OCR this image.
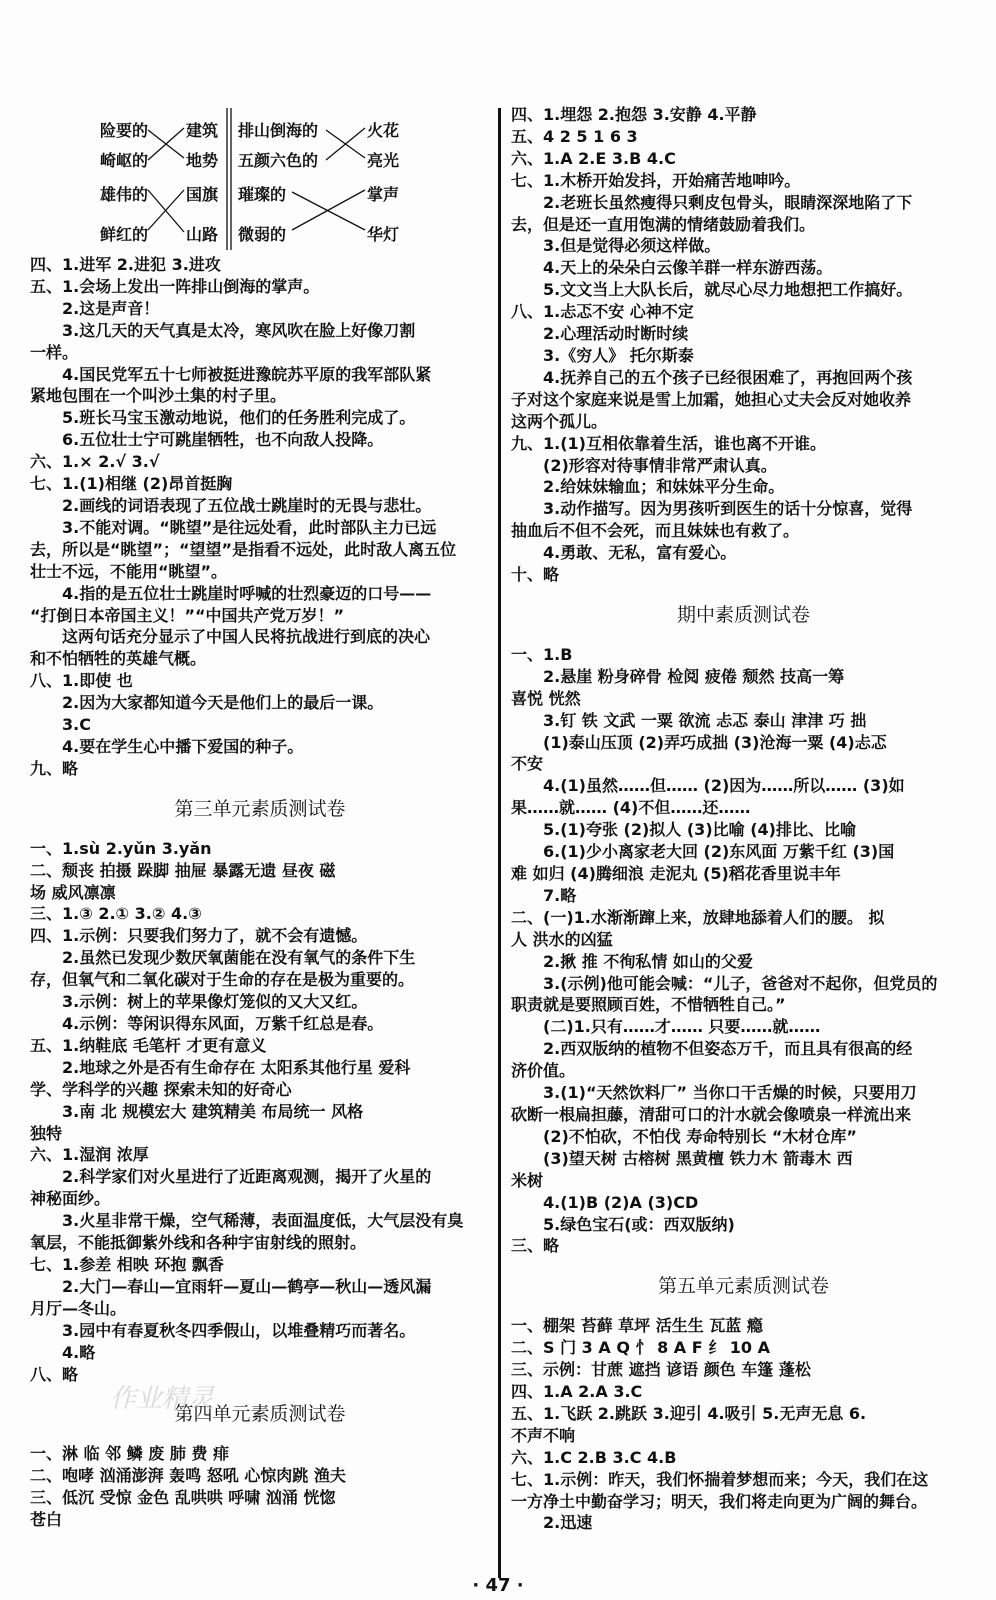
险要的
崎岖的
雄伟的
鲜红的
建筑
地势
国旗
山路
排山倒海的
五颜六色的
璀璨的
微弱的
火花
亮光
掌声
华灯
四、1.进军 2.进犯 3.进攻
五、1.会场上发出一阵排山倒海的掌声。
2.这是声音！
3.这几天的天气真是太冷，寒风吹在脸上好像刀割
一样。
4.国民党军五十七师被挺进豫皖苏平原的我军部队紧
紧地包围在一个叫沙土集的村子里。
5.班长马宝玉激动地说，他们的任务胜利完成了。
6.五位壮士宁可跳崖牺牲，也不向敌人投降。
六、1.× 2.√ 3.√
七、1.(1)相继 (2)昂首挺胸
2.画线的词语表现了五位战士跳崖时的无畏与悲壮。
3.不能对调。“眺望”是往远处看，此时部队主力已远
去，所以是“眺望”；“望望”是指看不远处，此时敌人离五位
壮士不远，不能用“眺望”。
4.指的是五位壮士跳崖时呼喊的壮烈豪迈的口号——
“打倒日本帝国主义！”“中国共产党万岁！”
这两句话充分显示了中国人民将抗战进行到底的决心
和不怕牺牲的英雄气概。
八、1.即使 也
2.因为大家都知道今天是他们上的最后一课。
3.C
4.要在学生心中播下爱国的种子。
九、略
第三单元素质测试卷
一、1.sù 2.yǔn 3.yǎn
二、颓丧 拍摄 跺脚 抽屉 暴露无遗 昼夜 磁
场 威风凛凛
三、1.③ 2.① 3.② 4.③
四、1.示例：只要我们努力了，就不会有遗憾。
2.虽然已发现少数厌氧菌能在没有氧气的条件下生
存，但氧气和二氧化碳对于生命的存在是极为重要的。
3.示例：树上的苹果像灯笼似的又大又红。
4.示例：等闲识得东风面，万紫千红总是春。
五、1.纳鞋底 毛笔杆 才更有意义
2.地球之外是否有生命存在 太阳系其他行星 爱科
学、学科学的兴趣 探索未知的好奇心
3.南 北 规模宏大 建筑精美 布局统一 风格
独特
六、1.湿润 浓厚
2.科学家们对火星进行了近距离观测，揭开了火星的
神秘面纱。
3.火星非常干燥，空气稀薄，表面温度低，大气层没有臭
氧层，不能抵御紫外线和各种宇宙射线的照射。
七、1.参差 相映 环抱 飘香
2.大门—春山—宜雨轩—夏山—鹤亭—秋山—透风漏
月厅—冬山。
3.园中有春夏秋冬四季假山，以堆叠精巧而著名。
4.略
八、略
第四单元素质测试卷
一、淋 临 邻 鳞 废 肺 费 痱
二、咆哮 汹涌澎湃 轰鸣 怒吼 心惊肉跳 渔夫
三、低沉 受惊 金色 乱哄哄 呼啸 汹涌 恍惚
苍白
四、1.埋怨 2.抱怨 3.安静 4.平静
五、4 2 5 1 6 3
六、1.A 2.E 3.B 4.C
七、1.木桥开始发抖，开始痛苦地呻吟。
2.老班长虽然瘦得只剩皮包骨头，眼睛深深地陷了下
去，但是还一直用饱满的情绪鼓励着我们。
3.但是觉得必须这样做。
4.天上的朵朵白云像羊群一样东游西荡。
5.文文当上大队长后，就尽心尽力地想把工作搞好。
八、1.忐忑不安 心神不定
2.心理活动时断时续
3.《穷人》 托尔斯泰
4.抚养自己的五个孩子已经很困难了，再抱回两个孩
子对这个家庭来说是雪上加霜，她担心丈夫会反对她收养
这两个孤儿。
九、1.(1)互相依靠着生活，谁也离不开谁。
(2)形容对待事情非常严肃认真。
2.给妹妹输血；和妹妹平分生命。
3.动作描写。因为男孩听到医生的话十分惊喜，觉得
抽血后不但不会死，而且妹妹也有救了。
4.勇敢、无私，富有爱心。
十、略
期中素质测试卷
一、1.B
2.悬崖 粉身碎骨 检阅 疲倦 颓然 技高一筹
喜悦 恍然
3.钉 铁 文武 一粟 欲流 忐忑 泰山 津津 巧 拙
(1)泰山压顶 (2)弄巧成拙 (3)沧海一粟 (4)忐忑
不安
4.(1)虽然……但…… (2)因为……所以…… (3)如
果……就…… (4)不但……还……
5.(1)夸张 (2)拟人 (3)比喻 (4)排比、比喻
6.(1)少小离家老大回 (2)东风面 万紫千红 (3)国
难 如归 (4)腾细浪 走泥丸 (5)稻花香里说丰年
7.略
二、(一)1.水渐渐蹿上来，放肆地舔着人们的腰。 拟
人 洪水的凶猛
2.揪 推 不徇私情 如山的父爱
3.(示例)他可能会喊：“儿子，爸爸对不起你，但党员的
职责就是要照顾百姓，不惜牺牲自己。”
(二)1.只有……才…… 只要……就……
2.西双版纳的植物不但姿态万千，而且具有很高的经
济价值。
3.(1)“天然饮料厂” 当你口干舌燥的时候，只要用刀
砍断一根扁担藤，清甜可口的汁水就会像喷泉一样流出来
(2)不怕砍，不怕伐 寿命特别长 “木材仓库”
(3)望天树 古榕树 黑黄檀 铁力木 箭毒木 西
米树
4.(1)B (2)A (3)CD
5.绿色宝石(或：西双版纳)
三、略
第五单元素质测试卷
一、棚架 苔藓 草坪 活生生 瓦蓝 瘾
二、S 门 3 A Q 忄 8 A F 纟 10 A
三、示例：甘蔗 遮挡 谚语 颜色 车篷 蓬松
四、1.A 2.A 3.C
五、1.飞跃 2.跳跃 3.迎引 4.吸引 5.无声无息 6.
不声不响
六、1.C 2.B 3.C 4.B
七、1.示例：昨天，我们怀揣着梦想而来；今天，我们在这
一方净土中勤奋学习；明天，我们将走向更为广阔的舞台。
2.迅速
作业精灵
· 47 ·
